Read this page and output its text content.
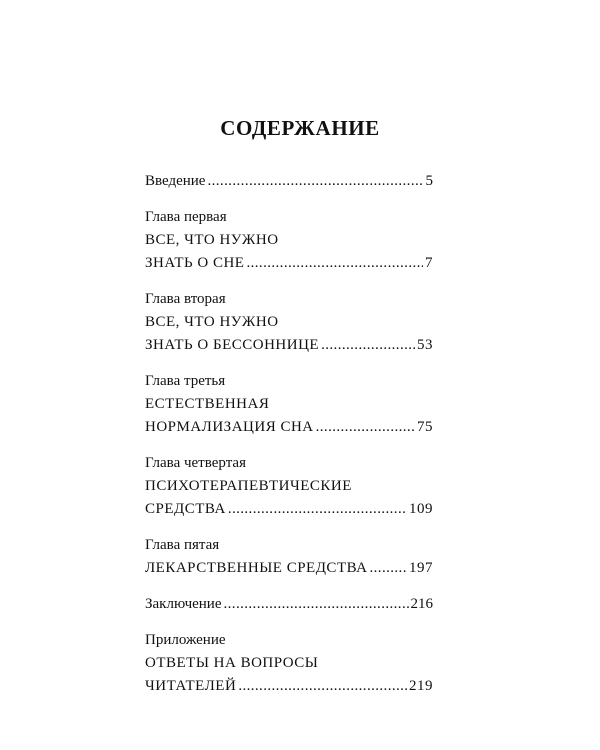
СОДЕРЖАНИЕ
Введение .....	5
Глава первая
ВСЕ, ЧТО НУЖНО
ЗНАТЬ О СНЕ .....	7
Глава вторая
ВСЕ, ЧТО НУЖНО
ЗНАТЬ О БЕССОННИЦЕ .....	53
Глава третья
ЕСТЕСТВЕННАЯ
НОРМАЛИЗАЦИЯ СНА .....	75
Глава четвертая
ПСИХОТЕРАПЕВТИЧЕСКИЕ
СРЕДСТВА .....	109
Глава пятая
ЛЕКАРСТВЕННЫЕ СРЕДСТВА .....	197
Заключение .....	216
Приложение
ОТВЕТЫ НА ВОПРОСЫ
ЧИТАТЕЛЕЙ .....	219
